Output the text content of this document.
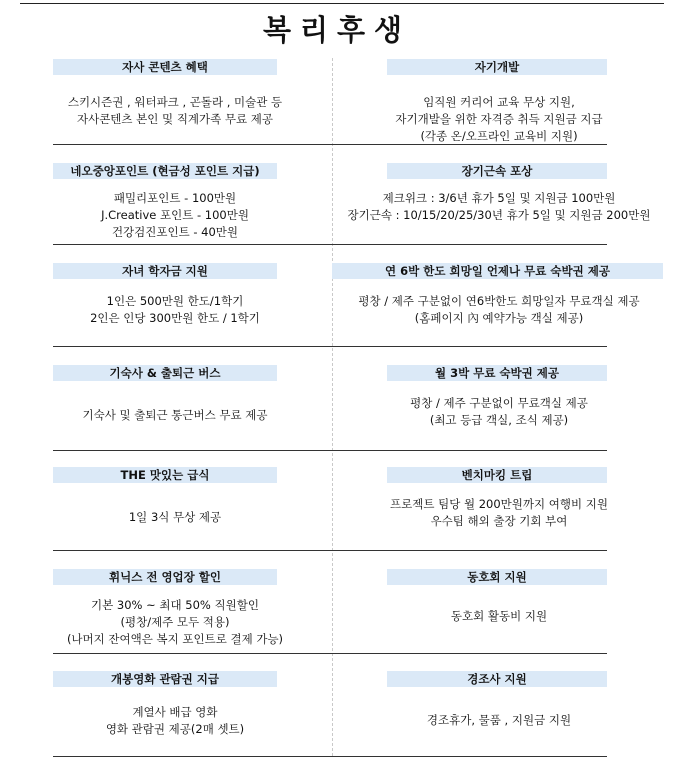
복리후생
자사 콘텐츠 혜택
스키시즌권 , 워터파크 , 곤돌라 , 미술관 등
자사콘텐츠 본인 및 직계가족 무료 제공
자기개발
임직원 커리어 교육 무상 지원,
자기개발을 위한 자격증 취득 지원금 지급
(각종 온/오프라인 교육비 지원)
네오중앙포인트 (현금성 포인트 지급)
패밀리포인트 - 100만원
J.Creative 포인트 - 100만원
건강검진포인트 - 40만원
장기근속 포상
제크위크 : 3/6년 휴가 5일 및 지원금 100만원
장기근속 : 10/15/20/25/30년 휴가 5일 및 지원금 200만원
자녀 학자금 지원
1인은 500만원 한도/1학기
2인은 인당 300만원 한도 / 1학기
연 6박 한도 희망일 언제나 무료 숙박권 제공
평창 / 제주 구분없이 연6박한도 희망일자 무료객실 제공
(홈페이지 內 예약가능 객실 제공)
기숙사 & 출퇴근 버스
기숙사 및 출퇴근 통근버스 무료 제공
월 3박 무료 숙박권 제공
평창 / 제주 구분없이 무료객실 제공
(최고 등급 객실, 조식 제공)
THE 맛있는 급식
1일 3식 무상 제공
벤치마킹 트립
프로젝트 팀당 월 200만원까지 여행비 지원
우수팀 해외 출장 기회 부여
휘닉스 전 영업장 할인
기본 30% ~ 최대 50% 직원할인
(평창/제주 모두 적용)
(나머지 잔여액은 복지 포인트로 결제 가능)
동호회 지원
동호회 활동비 지원
개봉영화 관람권 지급
계열사 배급 영화
영화 관람권 제공(2매 셋트)
경조사 지원
경조휴가, 물품 , 지원금 지원
